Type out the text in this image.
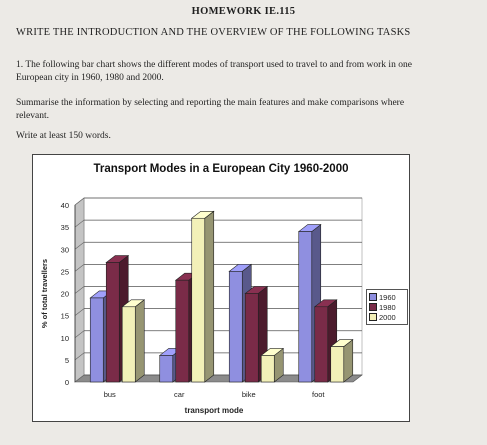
HOMEWORK IE.115
WRITE THE INTRODUCTION AND THE OVERVIEW OF THE FOLLOWING TASKS
1. The following bar chart shows the different modes of transport used to travel to and from work in one European city in 1960, 1980 and 2000.
Summarise the information by selecting and reporting the main features and make comparisons where relevant.
Write at least 150 words.
Transport Modes in a European City 1960-2000
0
5
10
15
20
25
30
35
40
bus	car	bike	foot
transport mode
% of total travellers	1960
1980
2000
